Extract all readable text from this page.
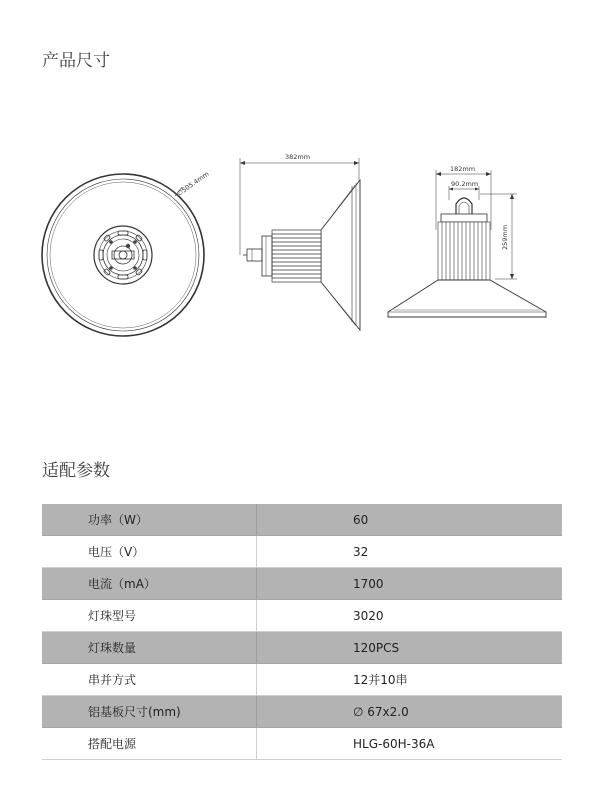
产品尺寸
∅505.4mm
382mm
182mm
90.2mm
259mm
适配参数
功率（W）	60
电压（V）	32
电流（mA）	1700
灯珠型号	3020
灯珠数量	120PCS
串并方式	12并10串
铝基板尺寸(mm)	∅ 67x2.0
搭配电源	HLG-60H-36A
